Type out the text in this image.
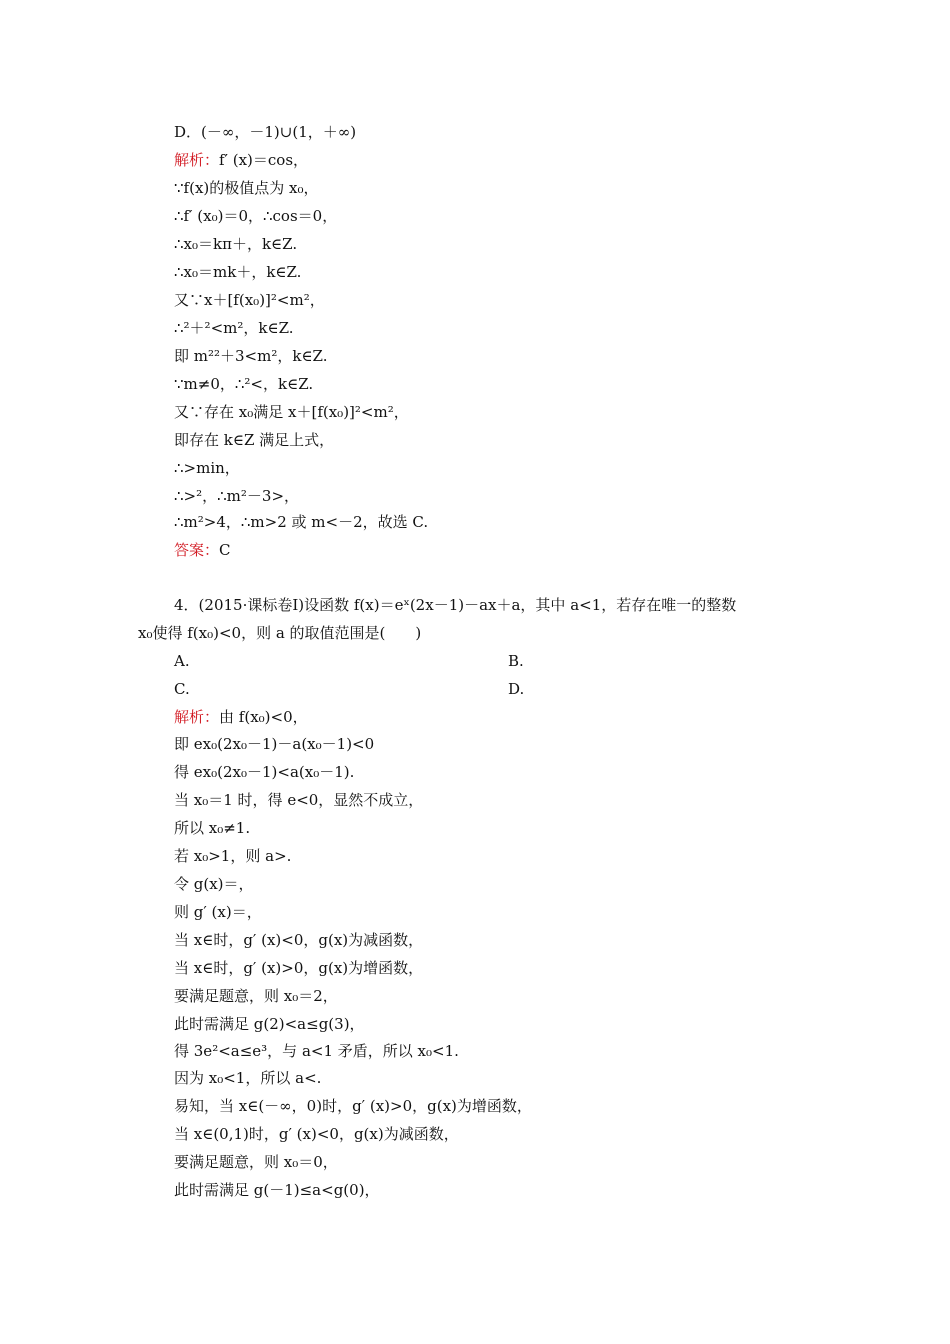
D．(－∞，－1)∪(1，＋∞)
解析：f′ (x)＝cos，
∵f(x)的极值点为 x₀，
∴f′ (x₀)＝0，∴cos＝0，
∴x₀＝kπ＋，k∈Z.
∴x₀＝mk＋，k∈Z.
又∵x＋[f(x₀)]²<m²，
∴²＋²<m²，k∈Z.
即 m²²＋3<m²，k∈Z.
∵m≠0，∴²<，k∈Z.
又∵存在 x₀满足 x＋[f(x₀)]²<m²，
即存在 k∈Z 满足上式，
∴>min，
∴>²，∴m²－3>，
∴m²>4，∴m>2 或 m<－2，故选 C.
答案：C
4．(2015·课标卷Ⅰ)设函数 f(x)＝eˣ(2x－1)－ax＋a，其中 a<1，若存在唯一的整数
x₀使得 f(x₀)<0，则 a 的取值范围是(　　)
A.	B.
C.	D.
解析：由 f(x₀)<0，
即 ex₀(2x₀－1)－a(x₀－1)<0
得 ex₀(2x₀－1)<a(x₀－1).
当 x₀＝1 时，得 e<0，显然不成立，
所以 x₀≠1.
若 x₀>1，则 a>.
令 g(x)＝，
则 g′ (x)＝，
当 x∈时，g′ (x)<0，g(x)为减函数，
当 x∈时，g′ (x)>0，g(x)为增函数，
要满足题意，则 x₀＝2，
此时需满足 g(2)<a≤g(3)，
得 3e²<a≤e³，与 a<1 矛盾，所以 x₀<1.
因为 x₀<1，所以 a<.
易知，当 x∈(－∞，0)时，g′ (x)>0，g(x)为增函数，
当 x∈(0,1)时，g′ (x)<0，g(x)为减函数，
要满足题意，则 x₀＝0，
此时需满足 g(－1)≤a<g(0)，
